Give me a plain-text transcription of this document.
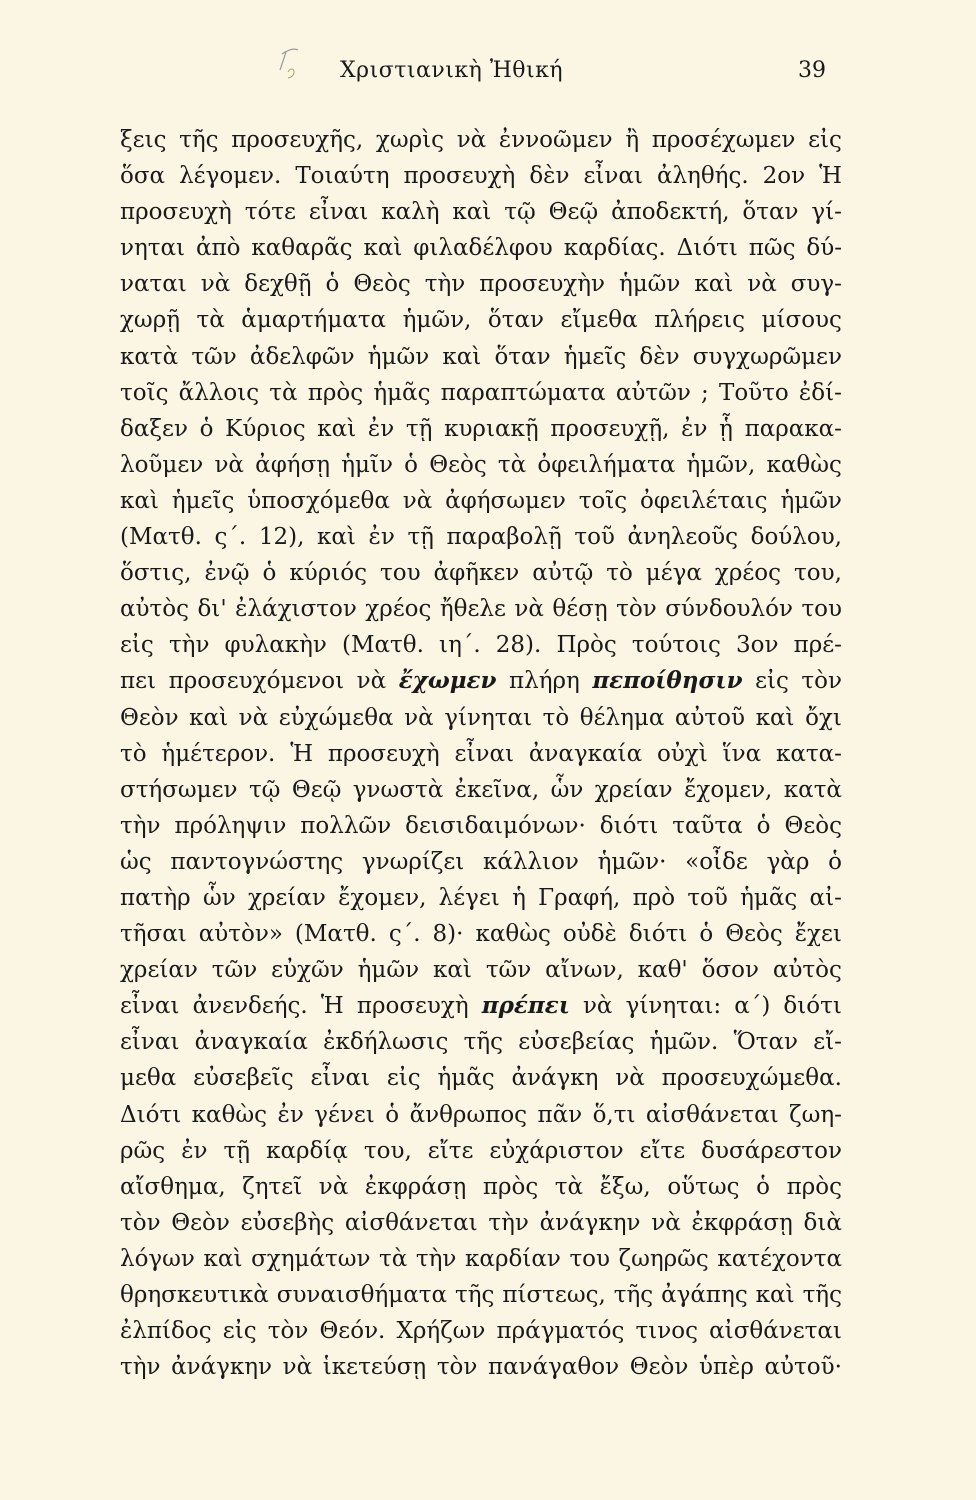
Χριστιανικὴ Ἠθική	39
ξεις τῆς προσευχῆς, χωρὶς νὰ ἐννοῶμεν ἢ προσέχωμεν εἰς
ὅσα λέγομεν. Τοιαύτη προσευχὴ δὲν εἶναι ἀληθής. 2ον Ἡ
προσευχὴ τότε εἶναι καλὴ καὶ τῷ Θεῷ ἀποδεκτή, ὅταν γί-
νηται ἀπὸ καθαρᾶς καὶ φιλαδέλφου καρδίας. Διότι πῶς δύ-
ναται νὰ δεχθῇ ὁ Θεὸς τὴν προσευχὴν ἡμῶν καὶ νὰ συγ-
χωρῇ τὰ ἁμαρτήματα ἡμῶν, ὅταν εἴμεθα πλήρεις μίσους
κατὰ τῶν ἀδελφῶν ἡμῶν καὶ ὅταν ἡμεῖς δὲν συγχωρῶμεν
τοῖς ἄλλοις τὰ πρὸς ἡμᾶς παραπτώματα αὐτῶν ; Τοῦτο ἐδί-
δαξεν ὁ Κύριος καὶ ἐν τῇ κυριακῇ προσευχῇ, ἐν ᾗ παρακα-
λοῦμεν νὰ ἀφήσῃ ἡμῖν ὁ Θεὸς τὰ ὀφειλήματα ἡμῶν, καθὼς
καὶ ἡμεῖς ὑποσχόμεθα νὰ ἀφήσωμεν τοῖς ὀφειλέταις ἡμῶν
(Ματθ. ς΄. 12), καὶ ἐν τῇ παραβολῇ τοῦ ἀνηλεοῦς δούλου,
ὅστις, ἐνῷ ὁ κύριός του ἀφῆκεν αὐτῷ τὸ μέγα χρέος του,
αὐτὸς δι' ἐλάχιστον χρέος ἤθελε νὰ θέσῃ τὸν σύνδουλόν του
εἰς τὴν φυλακὴν (Ματθ. ιη΄. 28). Πρὸς τούτοις 3ον πρέ-
πει προσευχόμενοι νὰ ἔχωμεν πλήρη πεποίθησιν εἰς τὸν
Θεὸν καὶ νὰ εὐχώμεθα νὰ γίνηται τὸ θέλημα αὐτοῦ καὶ ὄχι
τὸ ἡμέτερον. Ἡ προσευχὴ εἶναι ἀναγκαία οὐχὶ ἵνα κατα-
στήσωμεν τῷ Θεῷ γνωστὰ ἐκεῖνα, ὧν χρείαν ἔχομεν, κατὰ
τὴν πρόληψιν πολλῶν δεισιδαιμόνων· διότι ταῦτα ὁ Θεὸς
ὡς παντογνώστης γνωρίζει κάλλιον ἡμῶν· «οἶδε γὰρ ὁ
πατὴρ ὧν χρείαν ἔχομεν, λέγει ἡ Γραφή, πρὸ τοῦ ἡμᾶς αἰ-
τῆσαι αὐτὸν» (Ματθ. ς΄. 8)· καθὼς οὐδὲ διότι ὁ Θεὸς ἔχει
χρείαν τῶν εὐχῶν ἡμῶν καὶ τῶν αἴνων, καθ' ὅσον αὐτὸς
εἶναι ἀνενδεής. Ἡ προσευχὴ πρέπει νὰ γίνηται: α΄) διότι
εἶναι ἀναγκαία ἐκδήλωσις τῆς εὐσεβείας ἡμῶν. Ὅταν εἴ-
μεθα εὐσεβεῖς εἶναι εἰς ἡμᾶς ἀνάγκη νὰ προσευχώμεθα.
Διότι καθὼς ἐν γένει ὁ ἄνθρωπος πᾶν ὅ,τι αἰσθάνεται ζωη-
ρῶς ἐν τῇ καρδίᾳ του, εἴτε εὐχάριστον εἴτε δυσάρεστον
αἴσθημα, ζητεῖ νὰ ἐκφράσῃ πρὸς τὰ ἔξω, οὕτως ὁ πρὸς
τὸν Θεὸν εὐσεβὴς αἰσθάνεται τὴν ἀνάγκην νὰ ἐκφράσῃ διὰ
λόγων καὶ σχημάτων τὰ τὴν καρδίαν του ζωηρῶς κατέχοντα
θρησκευτικὰ συναισθήματα τῆς πίστεως, τῆς ἀγάπης καὶ τῆς
ἐλπίδος εἰς τὸν Θεόν. Χρήζων πράγματός τινος αἰσθάνεται
τὴν ἀνάγκην νὰ ἱκετεύσῃ τὸν πανάγαθον Θεὸν ὑπὲρ αὐτοῦ·
